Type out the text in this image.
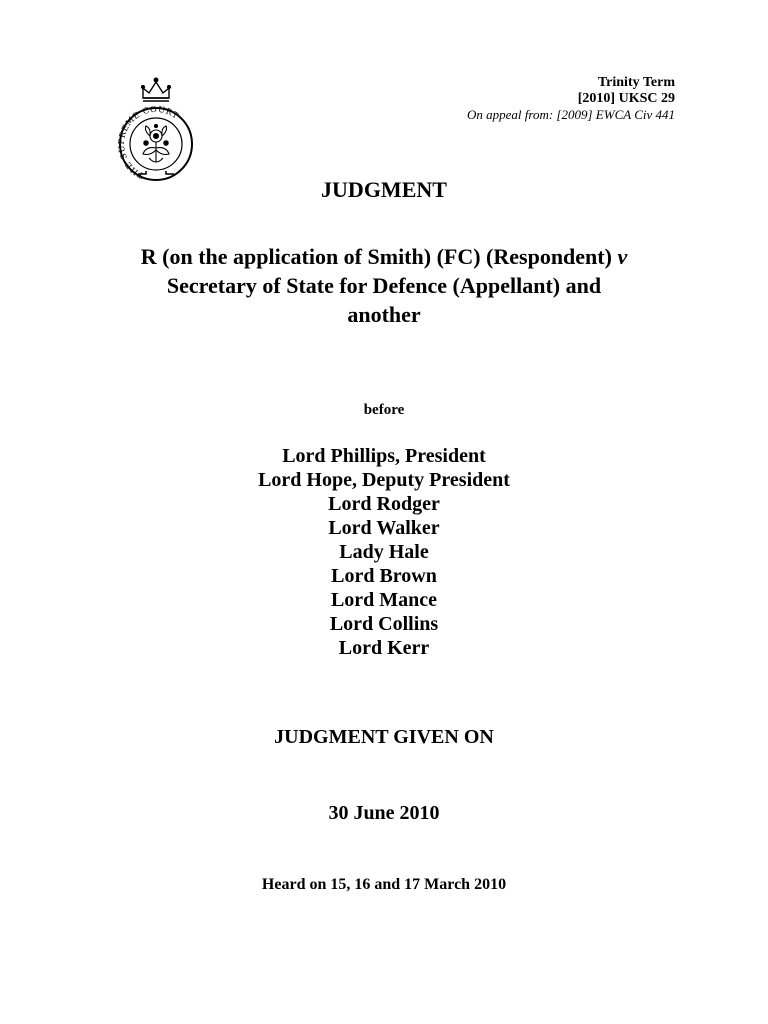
THE SUPREME COURT
Trinity Term
[2010] UKSC 29
On appeal from: [2009] EWCA Civ 441
JUDGMENT
R (on the application of Smith) (FC) (Respondent) v
Secretary of State for Defence (Appellant) and
another
before
Lord Phillips, President
Lord Hope, Deputy President
Lord Rodger
Lord Walker
Lady Hale
Lord Brown
Lord Mance
Lord Collins
Lord Kerr
JUDGMENT GIVEN ON
30 June 2010
Heard on 15, 16 and 17 March 2010
